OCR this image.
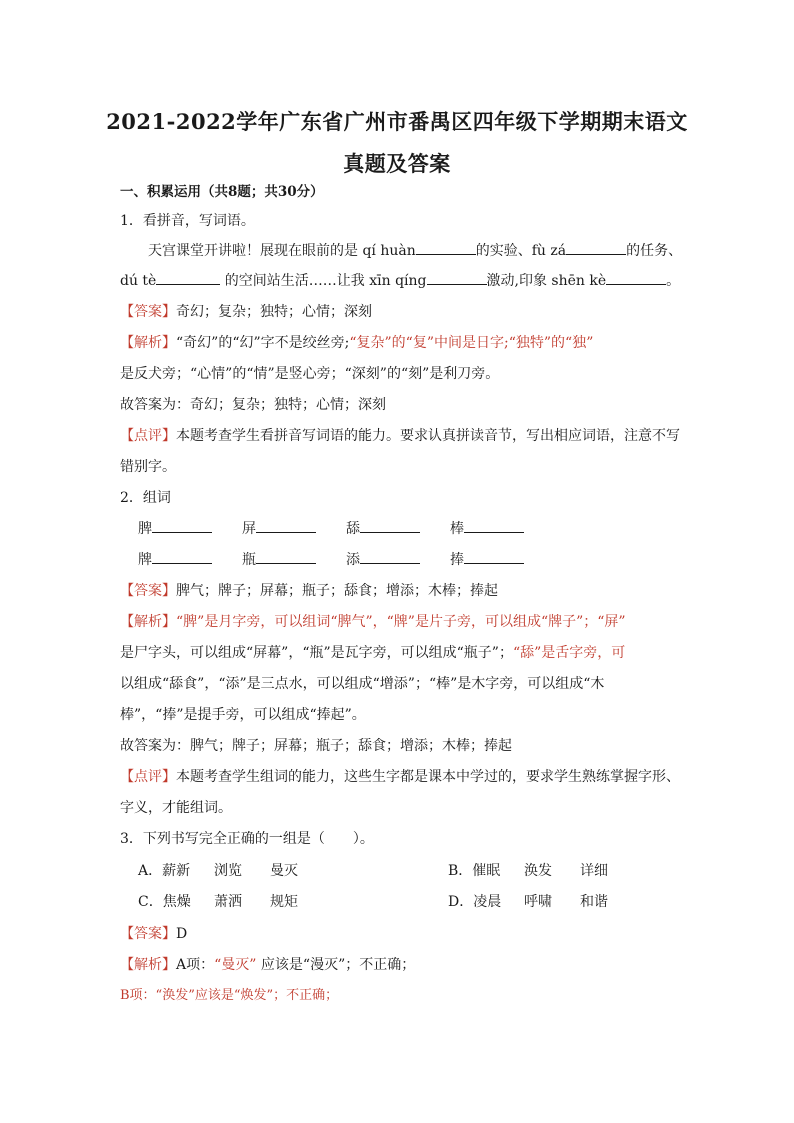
2021-2022学年广东省广州市番禺区四年级下学期期末语文
真题及答案
一、积累运用（共8题；共30分）
1．看拼音，写词语。
天宫课堂开讲啦！展现在眼前的是 qí huàn	的实验、fù zá	的任务、
dú tè	的空间站生活……让我 xīn qíng	激动,印象 shēn kè	。
【答案】奇幻；复杂；独特；心情；深刻
【解析】“奇幻”的“幻”字不是绞丝旁;“复杂”的“复”中间是日字;“独特”的“独”
是反犬旁；“心情”的“情”是竖心旁；“深刻”的“刻”是利刀旁。
故答案为：奇幻；复杂；独特；心情；深刻
【点评】本题考查学生看拼音写词语的能力。要求认真拼读音节，写出相应词语，注意不写
错别字。
2．组词
脾	屏	舔	棒
牌	瓶	添	捧
【答案】脾气；牌子；屏幕；瓶子；舔食；增添；木棒；捧起
【解析】“脾”是月字旁，可以组词“脾气”，“牌”是片子旁，可以组成“牌子”；“屏”
是尸字头，可以组成“屏幕”，“瓶”是瓦字旁，可以组成“瓶子”；“舔”是舌字旁，可
以组成“舔食”，“添”是三点水，可以组成“增添”；“棒”是木字旁，可以组成“木
棒”，“捧”是提手旁，可以组成“捧起”。
故答案为：脾气；牌子；屏幕；瓶子；舔食；增添；木棒；捧起
【点评】本题考查学生组词的能力，这些生字都是课本中学过的，要求学生熟练掌握字形、
字义，才能组词。
3．下列书写完全正确的一组是（　　）。
A．薪新 浏览 曼灭	B．催眠 涣发 详细
C．焦燥 萧洒 规矩	D．凌晨 呼啸 和谐
【答案】D
【解析】A项：“曼灭” 应该是“漫灭”；不正确；
B项：“涣发”应该是“焕发”；不正确；
